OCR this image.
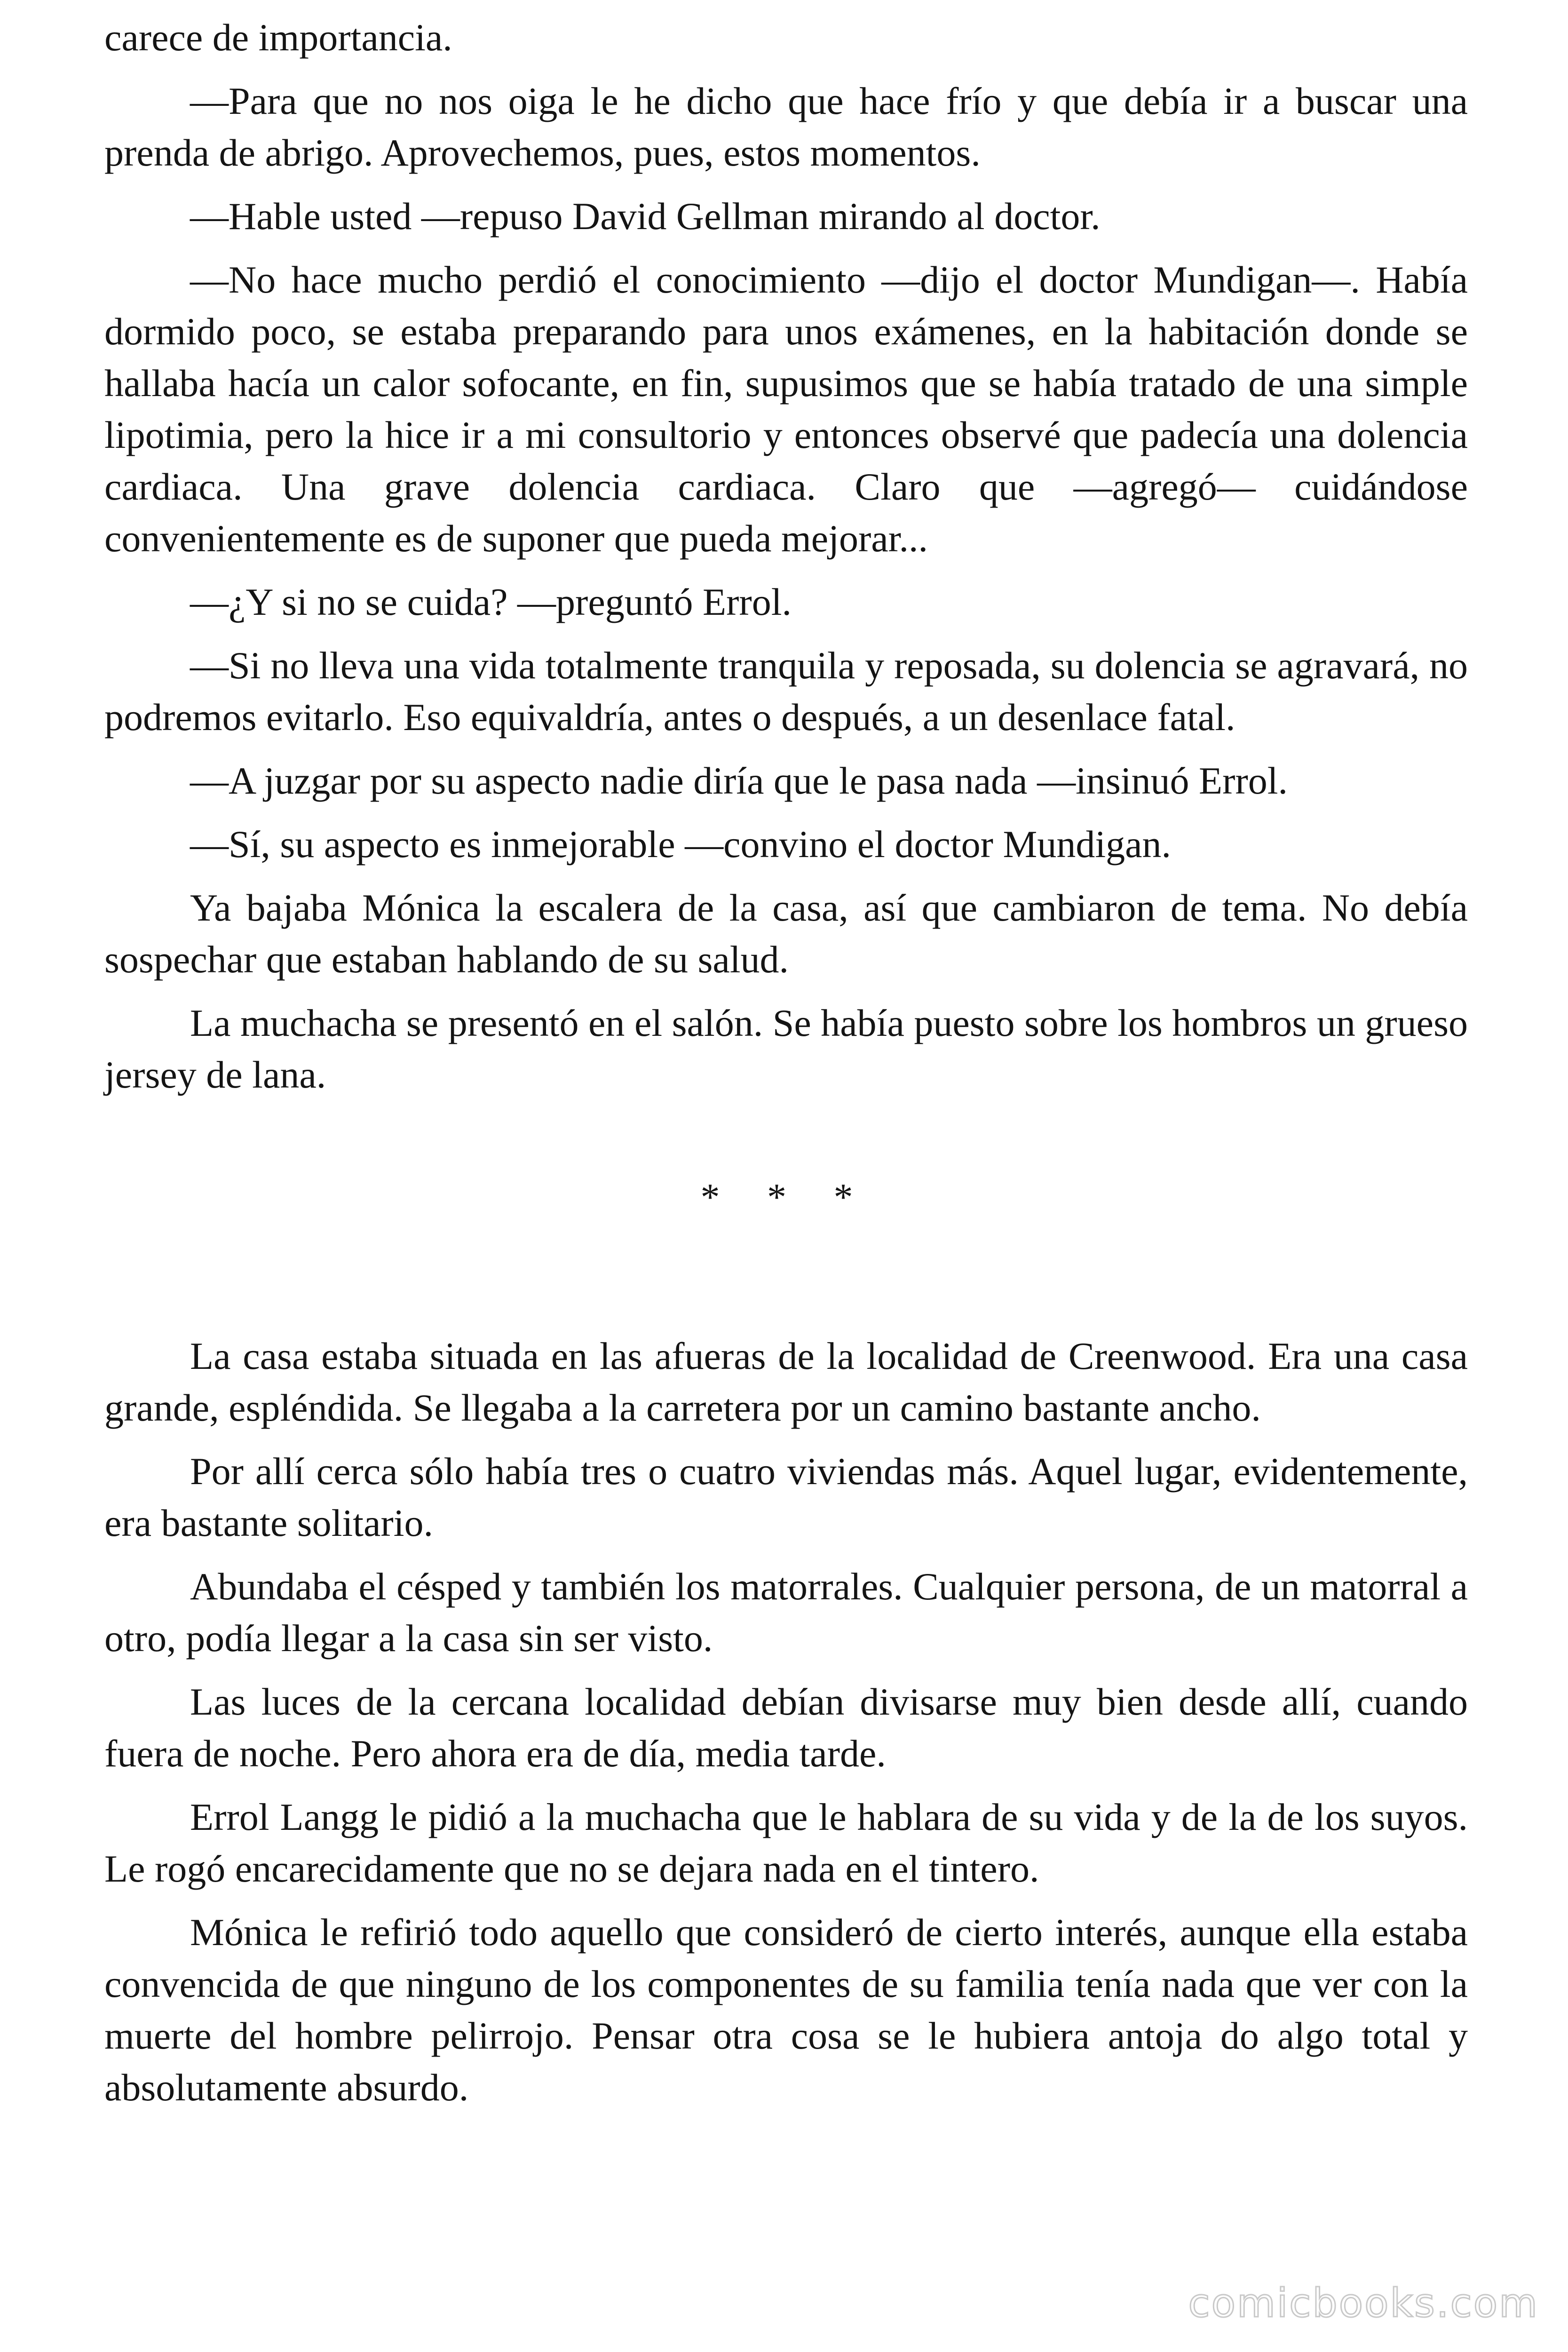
carece de importancia.

—Para que no nos oiga le he dicho que hace frío y que debía ir a buscar una prenda de abrigo. Aprovechemos, pues, estos momentos.

—Hable usted —repuso David Gellman mirando al doctor.

—No hace mucho perdió el conocimiento —dijo el doctor Mundigan—. Había dormido poco, se estaba preparando para unos exámenes, en la habitación donde se hallaba hacía un calor sofocante, en fin, supusimos que se había tratado de una simple lipotimia, pero la hice ir a mi consultorio y entonces observé que padecía una dolencia cardiaca. Una grave dolencia cardiaca. Claro que —agregó— cuidándose convenientemente es de suponer que pueda mejorar...

—¿Y si no se cuida? —preguntó Errol.

—Si no lleva una vida totalmente tranquila y reposada, su dolencia se agravará, no podremos evitarlo. Eso equivaldría, antes o después, a un desenlace fatal.

—A juzgar por su aspecto nadie diría que le pasa nada —insinuó Errol.

—Sí, su aspecto es inmejorable —convino el doctor Mundigan.

Ya bajaba Mónica la escalera de la casa, así que cambiaron de tema. No debía sospechar que estaban hablando de su salud.

La muchacha se presentó en el salón. Se había puesto sobre los hombros un grueso jersey de lana.

* * *

La casa estaba situada en las afueras de la localidad de Creenwood. Era una casa grande, espléndida. Se llegaba a la carretera por un camino bastante ancho.

Por allí cerca sólo había tres o cuatro viviendas más. Aquel lugar, evidentemente, era bastante solitario.

Abundaba el césped y también los matorrales. Cualquier persona, de un matorral a otro, podía llegar a la casa sin ser visto.

Las luces de la cercana localidad debían divisarse muy bien desde allí, cuando fuera de noche. Pero ahora era de día, media tarde.

Errol Langg le pidió a la muchacha que le hablara de su vida y de la de los suyos. Le rogó encarecidamente que no se dejara nada en el tintero.

Mónica le refirió todo aquello que consideró de cierto interés, aunque ella estaba convencida de que ninguno de los componentes de su familia tenía nada que ver con la muerte del hombre pelirrojo. Pensar otra cosa se le hubiera antoja do algo total y absolutamente absurdo.

comicbooks.com
